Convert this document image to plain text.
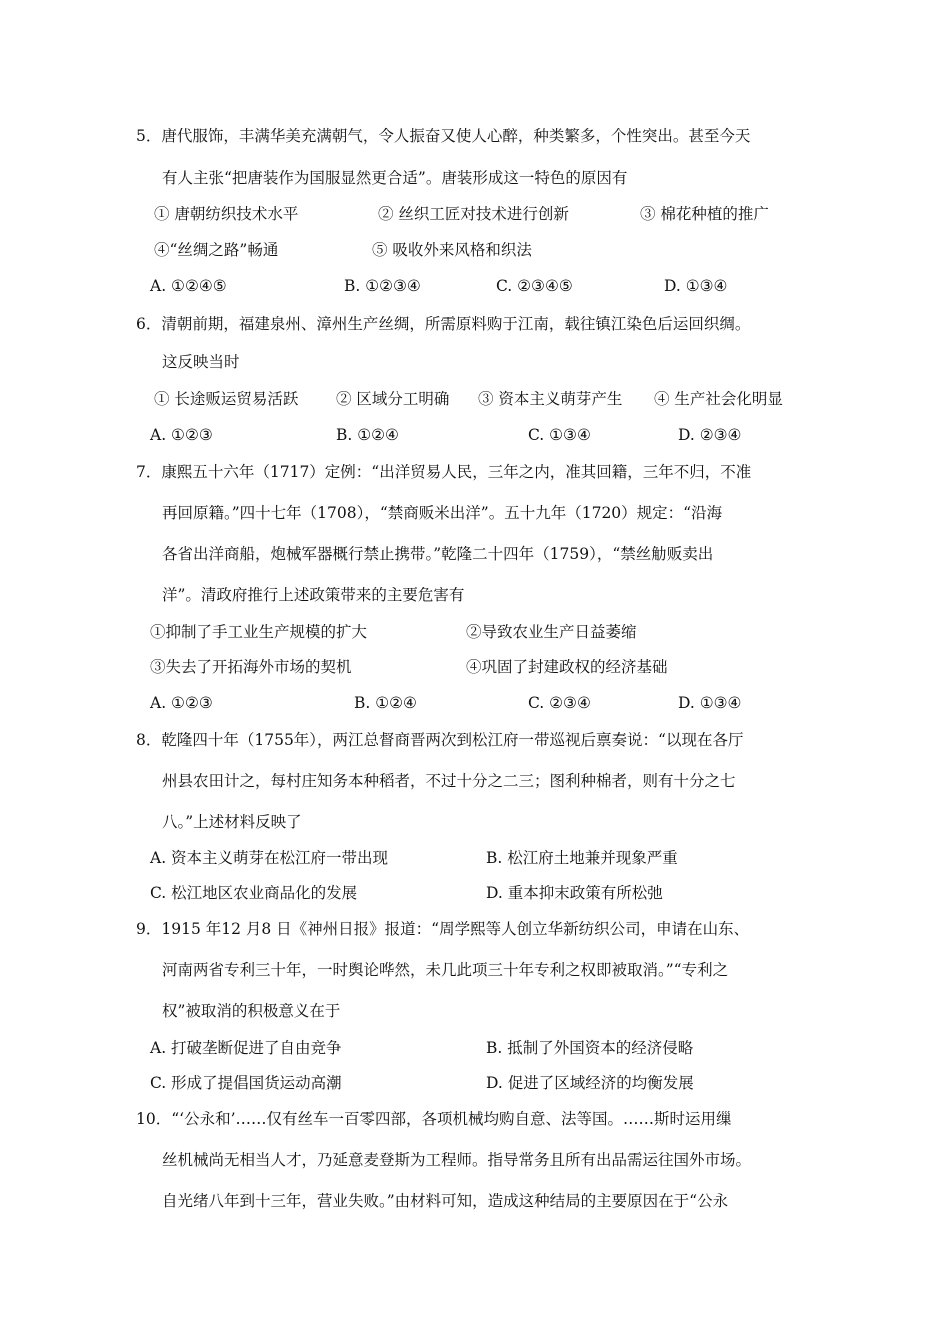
5．唐代服饰，丰满华美充满朝气，令人振奋又使人心醉，种类繁多，个性突出。甚至今天
有人主张“把唐装作为国服显然更合适”。唐装形成这一特色的原因有
① 唐朝纺织技术水平	② 丝织工匠对技术进行创新	③ 棉花种植的推广
④“丝绸之路”畅通	⑤ 吸收外来风格和织法
A. ①②④⑤	B. ①②③④	C. ②③④⑤	D. ①③④
6．清朝前期，福建泉州、漳州生产丝绸，所需原料购于江南，载往镇江染色后运回织绸。
这反映当时
① 长途贩运贸易活跃 ② 区域分工明确 ③ 资本主义萌芽产生 ④ 生产社会化明显
A. ①②③	B. ①②④	C. ①③④	D. ②③④
7．康熙五十六年（1717）定例：“出洋贸易人民，三年之内，准其回籍，三年不归，不准
再回原籍。”四十七年（1708），“禁商贩米出洋”。五十九年（1720）规定：“沿海
各省出洋商船，炮械军器概行禁止携带。”乾隆二十四年（1759），“禁丝觔贩卖出
洋”。清政府推行上述政策带来的主要危害有
①抑制了手工业生产规模的扩大	②导致农业生产日益萎缩
③失去了开拓海外市场的契机	④巩固了封建政权的经济基础
A. ①②③	B. ①②④	C. ②③④	D. ①③④
8．乾隆四十年（1755年），两江总督商晋两次到松江府一带巡视后禀奏说：“以现在各厅
州县农田计之，每村庄知务本种稻者，不过十分之二三；图利种棉者，则有十分之七
八。”上述材料反映了
A. 资本主义萌芽在松江府一带出现	B. 松江府土地兼并现象严重
C. 松江地区农业商品化的发展	D. 重本抑末政策有所松弛
9．1915 年12 月8 日《神州日报》报道：“周学熙等人创立华新纺织公司，申请在山东、
河南两省专利三十年，一时舆论哗然，未几此项三十年专利之权即被取消。”“专利之
权”被取消的积极意义在于
A. 打破垄断促进了自由竞争	B. 抵制了外国资本的经济侵略
C. 形成了提倡国货运动高潮	D. 促进了区域经济的均衡发展
10．“‘公永和’……仅有丝车一百零四部，各项机械均购自意、法等国。……斯时运用缫
丝机械尚无相当人才，乃延意麦登斯为工程师。指导常务且所有出品需运往国外市场。
自光绪八年到十三年，营业失败。”由材料可知，造成这种结局的主要原因在于“公永
